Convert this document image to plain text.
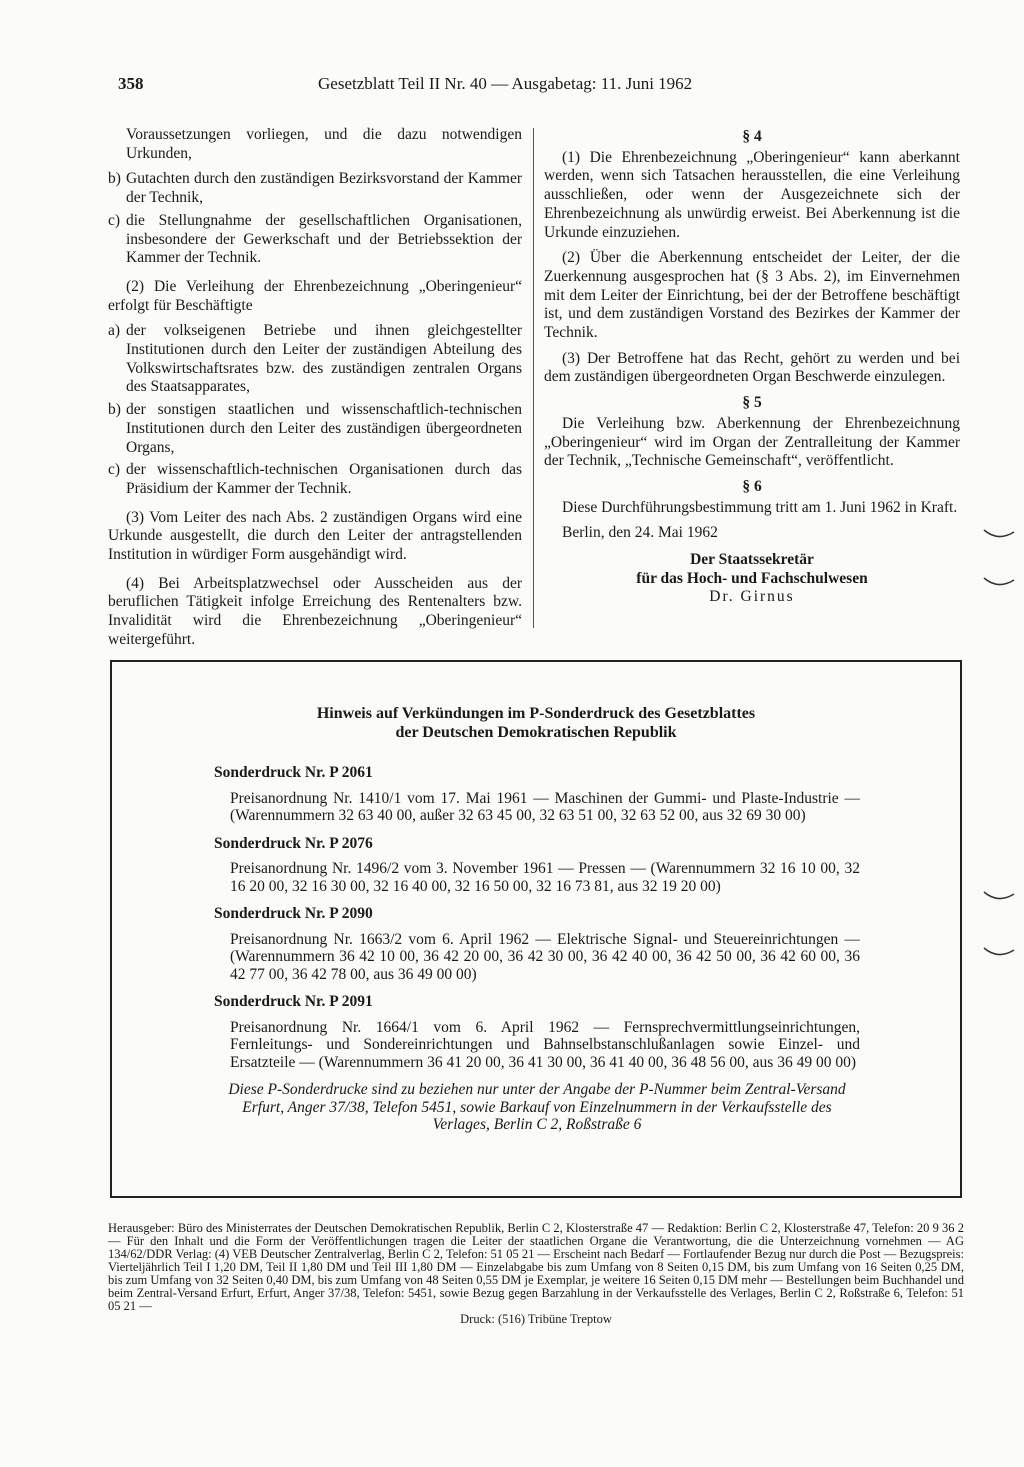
358	Gesetzblatt Teil II Nr. 40 — Ausgabetag: 11. Juni 1962
Voraussetzungen vorliegen, und die dazu notwendigen Urkunden,
b) Gutachten durch den zuständigen Bezirksvorstand der Kammer der Technik,
c) die Stellungnahme der gesellschaftlichen Organisationen, insbesondere der Gewerkschaft und der Betriebssektion der Kammer der Technik.
(2) Die Verleihung der Ehrenbezeichnung „Oberingenieur“ erfolgt für Beschäftigte
a) der volkseigenen Betriebe und ihnen gleichgestellter Institutionen durch den Leiter der zuständigen Abteilung des Volkswirtschaftsrates bzw. des zuständigen zentralen Organs des Staatsapparates,
b) der sonstigen staatlichen und wissenschaftlich-technischen Institutionen durch den Leiter des zuständigen übergeordneten Organs,
c) der wissenschaftlich-technischen Organisationen durch das Präsidium der Kammer der Technik.
(3) Vom Leiter des nach Abs. 2 zuständigen Organs wird eine Urkunde ausgestellt, die durch den Leiter der antragstellenden Institution in würdiger Form ausgehändigt wird.
(4) Bei Arbeitsplatzwechsel oder Ausscheiden aus der beruflichen Tätigkeit infolge Erreichung des Rentenalters bzw. Invalidität wird die Ehrenbezeichnung „Oberingenieur“ weitergeführt.
§ 4
(1) Die Ehrenbezeichnung „Oberingenieur“ kann aberkannt werden, wenn sich Tatsachen herausstellen, die eine Verleihung ausschließen, oder wenn der Ausgezeichnete sich der Ehrenbezeichnung als unwürdig erweist. Bei Aberkennung ist die Urkunde einzuziehen.
(2) Über die Aberkennung entscheidet der Leiter, der die Zuerkennung ausgesprochen hat (§ 3 Abs. 2), im Einvernehmen mit dem Leiter der Einrichtung, bei der der Betroffene beschäftigt ist, und dem zuständigen Vorstand des Bezirkes der Kammer der Technik.
(3) Der Betroffene hat das Recht, gehört zu werden und bei dem zuständigen übergeordneten Organ Beschwerde einzulegen.
§ 5
Die Verleihung bzw. Aberkennung der Ehrenbezeichnung „Oberingenieur“ wird im Organ der Zentralleitung der Kammer der Technik, „Technische Gemeinschaft“, veröffentlicht.
§ 6
Diese Durchführungsbestimmung tritt am 1. Juni 1962 in Kraft.
Berlin, den 24. Mai 1962
Der Staatssekretär
für das Hoch- und Fachschulwesen
Dr. Girnus
Hinweis auf Verkündungen im P-Sonderdruck des Gesetzblattes
der Deutschen Demokratischen Republik
Sonderdruck Nr. P 2061
Preisanordnung Nr. 1410/1 vom 17. Mai 1961 — Maschinen der Gummi- und Plaste-Industrie — (Warennummern 32 63 40 00, außer 32 63 45 00, 32 63 51 00, 32 63 52 00, aus 32 69 30 00)
Sonderdruck Nr. P 2076
Preisanordnung Nr. 1496/2 vom 3. November 1961 — Pressen — (Warennummern 32 16 10 00, 32 16 20 00, 32 16 30 00, 32 16 40 00, 32 16 50 00, 32 16 73 81, aus 32 19 20 00)
Sonderdruck Nr. P 2090
Preisanordnung Nr. 1663/2 vom 6. April 1962 — Elektrische Signal- und Steuereinrichtungen — (Warennummern 36 42 10 00, 36 42 20 00, 36 42 30 00, 36 42 40 00, 36 42 50 00, 36 42 60 00, 36 42 77 00, 36 42 78 00, aus 36 49 00 00)
Sonderdruck Nr. P 2091
Preisanordnung Nr. 1664/1 vom 6. April 1962 — Fernsprechvermittlungseinrichtungen, Fernleitungs- und Sondereinrichtungen und Bahnselbstanschlußanlagen sowie Einzel- und Ersatzteile — (Warennummern 36 41 20 00, 36 41 30 00, 36 41 40 00, 36 48 56 00, aus 36 49 00 00)
Diese P-Sonderdrucke sind zu beziehen nur unter der Angabe der P-Nummer beim Zentral-Versand Erfurt, Anger 37/38, Telefon 5451, sowie Barkauf von Einzelnummern in der Verkaufsstelle des Verlages, Berlin C 2, Roßstraße 6
Herausgeber: Büro des Ministerrates der Deutschen Demokratischen Republik, Berlin C 2, Klosterstraße 47 — Redaktion: Berlin C 2, Klosterstraße 47, Telefon: 20 9 36 2 — Für den Inhalt und die Form der Veröffentlichungen tragen die Leiter der staatlichen Organe die Verantwortung, die die Unterzeichnung vornehmen — AG 134/62/DDR Verlag: (4) VEB Deutscher Zentralverlag, Berlin C 2, Telefon: 51 05 21 — Erscheint nach Bedarf — Fortlaufender Bezug nur durch die Post — Bezugspreis: Vierteljährlich Teil I 1,20 DM, Teil II 1,80 DM und Teil III 1,80 DM — Einzelabgabe bis zum Umfang von 8 Seiten 0,15 DM, bis zum Umfang von 16 Seiten 0,25 DM, bis zum Umfang von 32 Seiten 0,40 DM, bis zum Umfang von 48 Seiten 0,55 DM je Exemplar, je weitere 16 Seiten 0,15 DM mehr — Bestellungen beim Buchhandel und beim Zentral-Versand Erfurt, Erfurt, Anger 37/38, Telefon: 5451, sowie Bezug gegen Barzahlung in der Verkaufsstelle des Verlages, Berlin C 2, Roßstraße 6, Telefon: 51 05 21 —
Druck: (516) Tribüne Treptow
